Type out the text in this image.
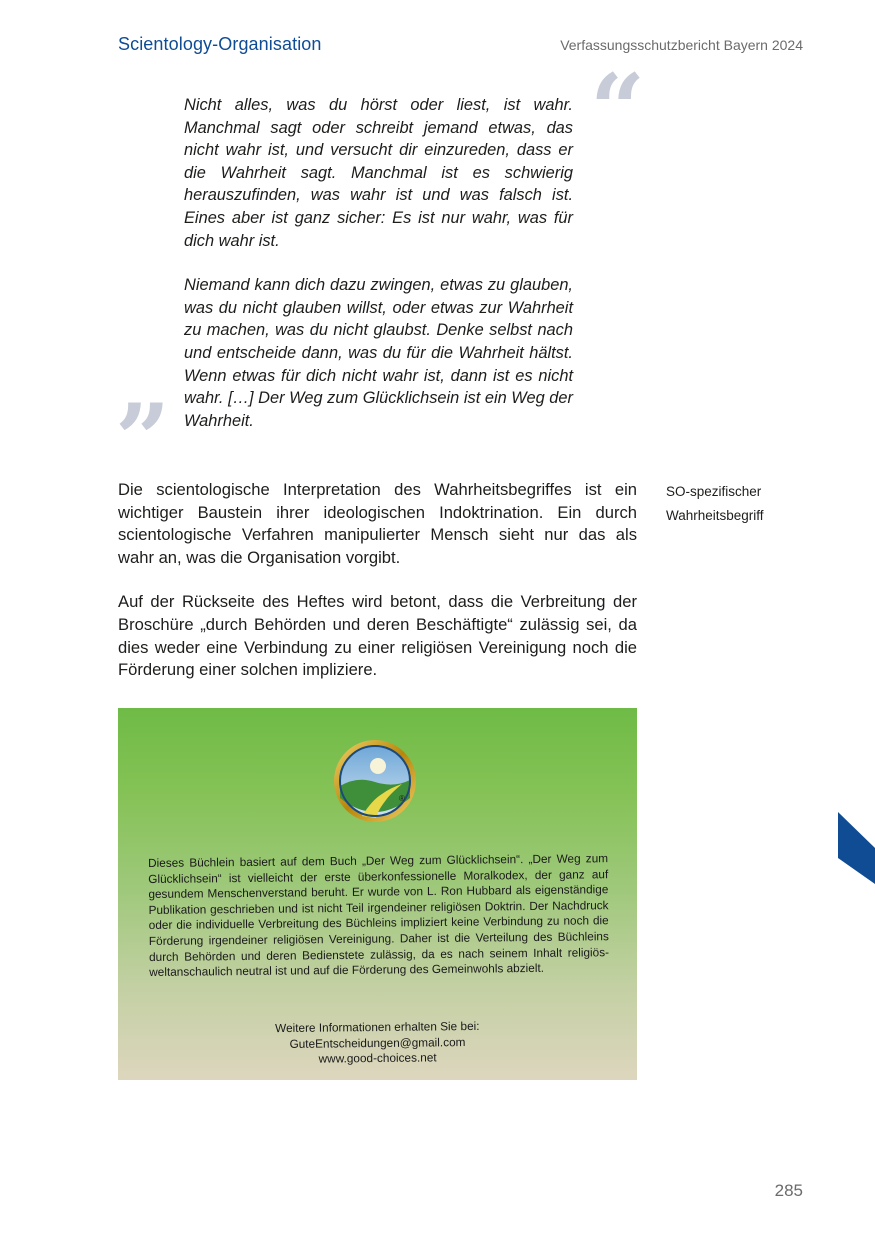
Scientology-Organisation	Verfassungsschutzbericht Bayern 2024
“

Nicht alles, was du hörst oder liest, ist wahr. Manchmal sagt oder schreibt jemand etwas, das nicht wahr ist, und versucht dir einzureden, dass er die Wahrheit sagt. Manchmal ist es schwierig herauszufinden, was wahr ist und was falsch ist. Eines aber ist ganz sicher: Es ist nur wahr, was für dich wahr ist.

Niemand kann dich dazu zwingen, etwas zu glauben, was du nicht glauben willst, oder etwas zur Wahrheit zu machen, was du nicht glaubst. Denke selbst nach und entscheide dann, was du für die Wahrheit hältst. Wenn etwas für dich nicht wahr ist, dann ist es nicht wahr. […] Der Weg zum Glücklichsein ist ein Weg der Wahrheit.

”

Die scientologische Interpretation des Wahrheitsbegriffes ist ein wichtiger Baustein ihrer ideologischen Indoktrination. Ein durch scientologische Verfahren manipulierter Mensch sieht nur das als wahr an, was die Organisation vorgibt.

Auf der Rückseite des Heftes wird betont, dass die Verbreitung der Broschüre „durch Behörden und deren Beschäftigte“ zulässig sei, da dies weder eine Verbindung zu einer religiösen Vereinigung noch die Förderung einer solchen impliziere.

SO-spezifischer
Wahrheitsbegriff
®
Dieses Büchlein basiert auf dem Buch „Der Weg zum Glücklichsein“. „Der Weg zum Glücklichsein“ ist vielleicht der erste überkonfessionelle Moralkodex, der ganz auf gesundem Menschenverstand beruht. Er wurde von L. Ron Hubbard als eigenständige Publikation geschrieben und ist nicht Teil irgendeiner religiösen Doktrin. Der Nachdruck oder die individuelle Verbreitung des Büchleins impliziert keine Verbindung zu noch die Förderung irgendeiner religiösen Vereinigung. Daher ist die Verteilung des Büchleins durch Behörden und deren Bedienstete zulässig, da es nach seinem Inhalt religiös-weltanschaulich neutral ist und auf die Förderung des Gemeinwohls abzielt.
Weitere Informationen erhalten Sie bei:
GuteEntscheidungen@gmail.com
www.good-choices.net
285
